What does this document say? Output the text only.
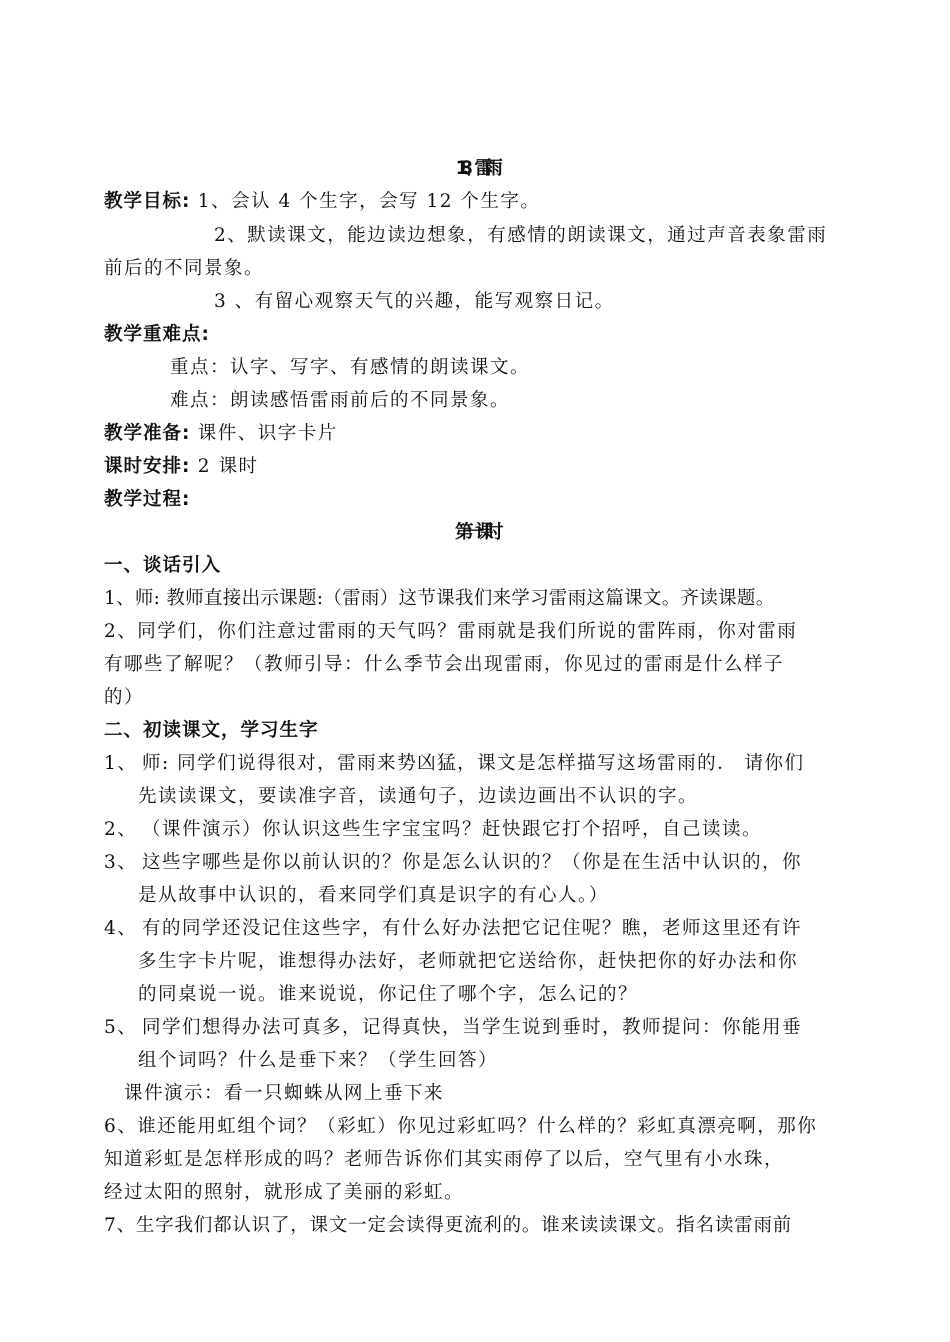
18、雷雨
教学目标: 1、会认 4 个生字，会写 12 个生字。
2、默读课文，能边读边想象，有感情的朗读课文，通过声音表象雷雨
前后的不同景象。
3 、有留心观察天气的兴趣，能写观察日记。
教学重难点:
重点：认字、写字、有感情的朗读课文。
难点：朗读感悟雷雨前后的不同景象。
教学准备: 课件、识字卡片
课时安排: 2 课时
教学过程:
第一课时
一、谈话引入
1、师: 教师直接出示课题:（雷雨）这节课我们来学习雷雨这篇课文。齐读课题。
2、同学们，你们注意过雷雨的天气吗？雷雨就是我们所说的雷阵雨，你对雷雨
有哪些了解呢？（教师引导：什么季节会出现雷雨，你见过的雷雨是什么样子
的）
二、初读课文，学习生字
1、 师: 同学们说得很对，雷雨来势凶猛，课文是怎样描写这场雷雨的． 请你们
先读读课文，要读准字音，读通句子，边读边画出不认识的字。
2、 （课件演示）你认识这些生字宝宝吗？赶快跟它打个招呼，自己读读。
3、 这些字哪些是你以前认识的？你是怎么认识的？（你是在生活中认识的，你
是从故事中认识的，看来同学们真是识字的有心人。）
4、 有的同学还没记住这些字，有什么好办法把它记住呢？瞧，老师这里还有许
多生字卡片呢，谁想得办法好，老师就把它送给你，赶快把你的好办法和你
的同桌说一说。谁来说说，你记住了哪个字，怎么记的？
5、 同学们想得办法可真多，记得真快，当学生说到垂时，教师提问：你能用垂
组个词吗？什么是垂下来？（学生回答）
课件演示：看一只蜘蛛从网上垂下来
6、谁还能用虹组个词？（彩虹）你见过彩虹吗？什么样的？彩虹真漂亮啊，那你
知道彩虹是怎样形成的吗？老师告诉你们其实雨停了以后，空气里有小水珠，
经过太阳的照射，就形成了美丽的彩虹。
7、生字我们都认识了，课文一定会读得更流利的。谁来读读课文。指名读雷雨前
